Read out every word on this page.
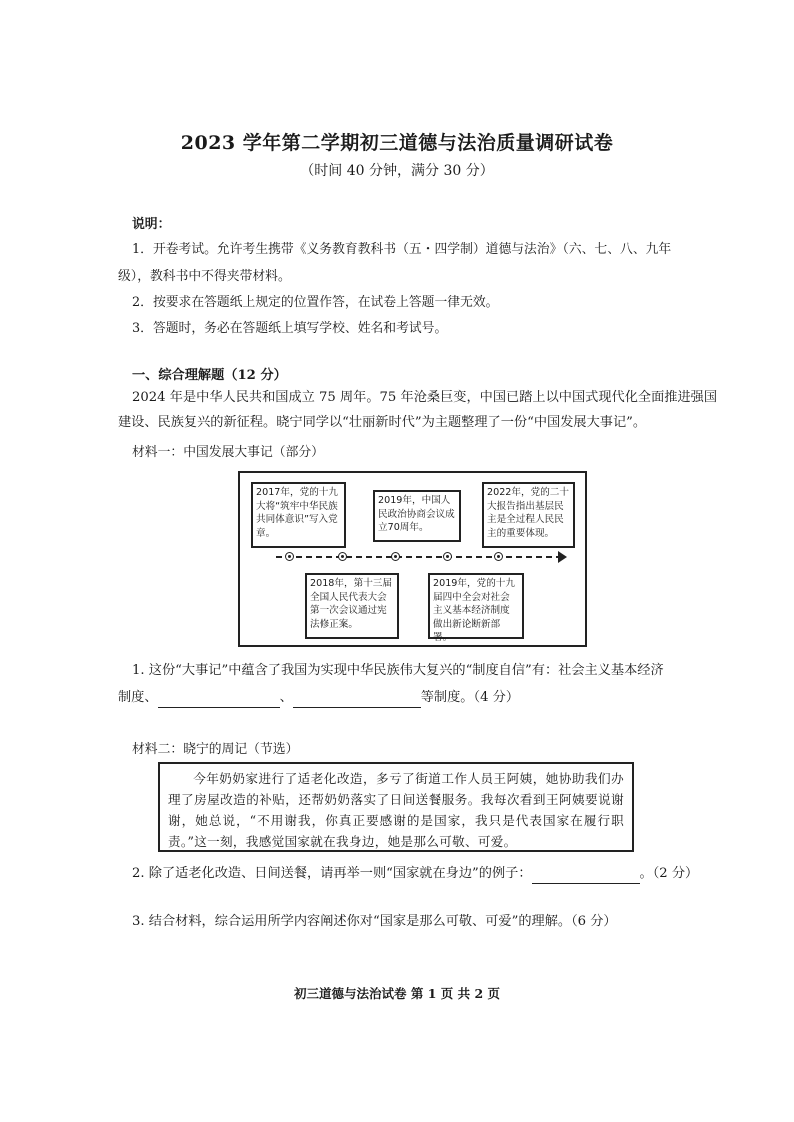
2023 学年第二学期初三道德与法治质量调研试卷
（时间 40 分钟，满分 30 分）
说明：
1．开卷考试。允许考生携带《义务教育教科书（五・四学制）道德与法治》（六、七、八、九年
级），教科书中不得夹带材料。
2．按要求在答题纸上规定的位置作答，在试卷上答题一律无效。
3．答题时，务必在答题纸上填写学校、姓名和考试号。
一、综合理解题（12 分）
2024 年是中华人民共和国成立 75 周年。75 年沧桑巨变，中国已踏上以中国式现代化全面推进强国
建设、民族复兴的新征程。晓宁同学以“壮丽新时代”为主题整理了一份“中国发展大事记”。
材料一：中国发展大事记（部分）
2017年，党的十九大将“筑牢中华民族共同体意识”写入党章。
2019年，中国人民政治协商会议成立70周年。
2022年，党的二十大报告指出基层民主是全过程人民民主的重要体现。
2018年，第十三届全国人民代表大会第一次会议通过宪法修正案。
2019年，党的十九届四中全会对社会主义基本经济制度做出新论断新部署。
1. 这份“大事记”中蕴含了我国为实现中华民族伟大复兴的“制度自信”有：社会主义基本经济
制度、	、	等制度。（4 分）
材料二：晓宁的周记（节选）

今年奶奶家进行了适老化改造，多亏了街道工作人员王阿姨，她协助我们办理了房屋改造的补贴，还帮奶奶落实了日间送餐服务。我每次看到王阿姨要说谢谢，她总说，“不用谢我，你真正要感谢的是国家，我只是代表国家在履行职责。”这一刻，我感觉国家就在我身边，她是那么可敬、可爱。

2. 除了适老化改造、日间送餐，请再举一则“国家就在身边”的例子：	。（2 分）
3. 结合材料，综合运用所学内容阐述你对“国家是那么可敬、可爱”的理解。（6 分）
初三道德与法治试卷 第 1 页 共 2 页
